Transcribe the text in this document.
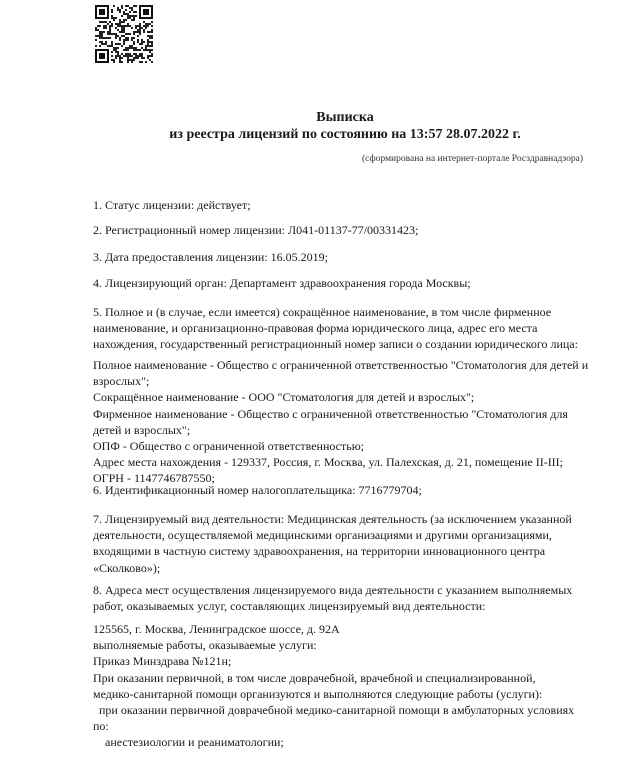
Выписка
из реестра лицензий по состоянию на 13:57 28.07.2022 г.
(сформирована на интернет-портале Росздравнадзора)
1. Статус лицензии: действует;
2. Регистрационный номер лицензии: Л041-01137-77/00331423;
3. Дата предоставления лицензии: 16.05.2019;
4. Лицензирующий орган: Департамент здравоохранения города Москвы;
5. Полное и (в случае, если имеется) сокращённое наименование, в том числе фирменное
наименование, и организационно-правовая форма юридического лица, адрес его места
нахождения, государственный регистрационный номер записи о создании юридического лица:
Полное наименование - Общество с ограниченной ответственностью "Стоматология для детей и
взрослых";
Сокращённое наименование - ООО "Стоматология для детей и взрослых";
Фирменное наименование - Общество с ограниченной ответственностью "Стоматология для
детей и взрослых";
ОПФ - Общество с ограниченной ответственностью;
Адрес места нахождения - 129337, Россия, г. Москва, ул. Палехская, д. 21, помещение II-III;
ОГРН - 1147746787550;
6. Идентификационный номер налогоплательщика: 7716779704;
7. Лицензируемый вид деятельности: Медицинская деятельность (за исключением указанной
деятельности, осуществляемой медицинскими организациями и другими организациями,
входящими в частную систему здравоохранения, на территории инновационного центра
«Сколково»);
8. Адреса мест осуществления лицензируемого вида деятельности с указанием выполняемых
работ, оказываемых услуг, составляющих лицензируемый вид деятельности:
125565, г. Москва, Ленинградское шоссе, д. 92А
выполняемые работы, оказываемые услуги:
Приказ Минздрава №121н;
При оказании первичной, в том числе доврачебной, врачебной и специализированной,
медико-санитарной помощи организуются и выполняются следующие работы (услуги):
при оказании первичной доврачебной медико-санитарной помощи в амбулаторных условиях
по:
анестезиологии и реаниматологии;
